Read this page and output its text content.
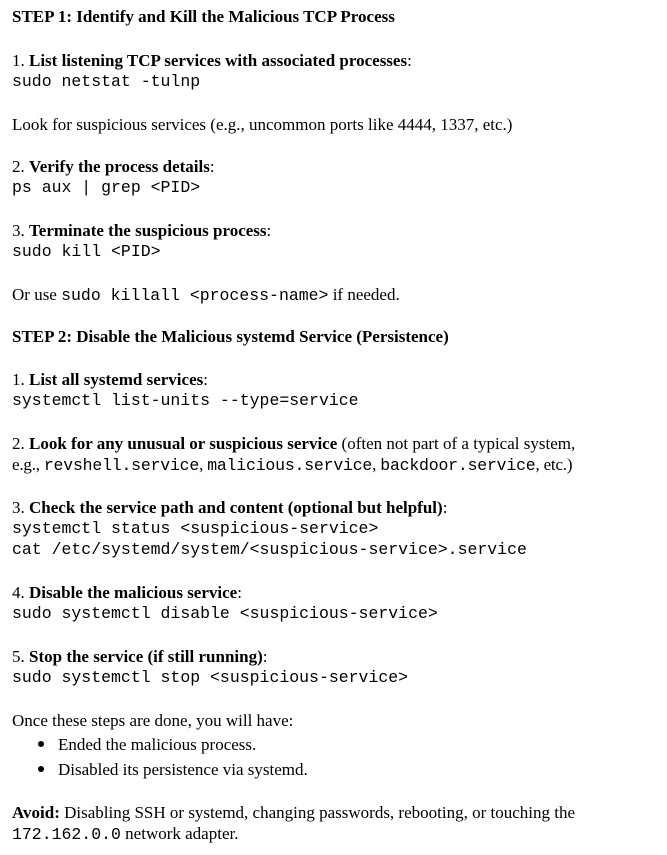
STEP 1: Identify and Kill the Malicious TCP Process

1. List listening TCP services with associated processes:

sudo netstat -tulnp

Look for suspicious services (e.g., uncommon ports like 4444, 1337, etc.)

2. Verify the process details:

ps aux | grep <PID>

3. Terminate the suspicious process:

sudo kill <PID>

Or use sudo killall <process-name> if needed.

STEP 2: Disable the Malicious systemd Service (Persistence)

1. List all systemd services:

systemctl list-units --type=service

2. Look for any unusual or suspicious service (often not part of a typical system,

e.g., revshell.service, malicious.service, backdoor.service, etc.)

3. Check the service path and content (optional but helpful):

systemctl status <suspicious-service>

cat /etc/systemd/system/<suspicious-service>.service

4. Disable the malicious service:

sudo systemctl disable <suspicious-service>

5. Stop the service (if still running):

sudo systemctl stop <suspicious-service>

Once these steps are done, you will have:

Ended the malicious process.

Disabled its persistence via systemd.

Avoid: Disabling SSH or systemd, changing passwords, rebooting, or touching the

172.162.0.0 network adapter.
